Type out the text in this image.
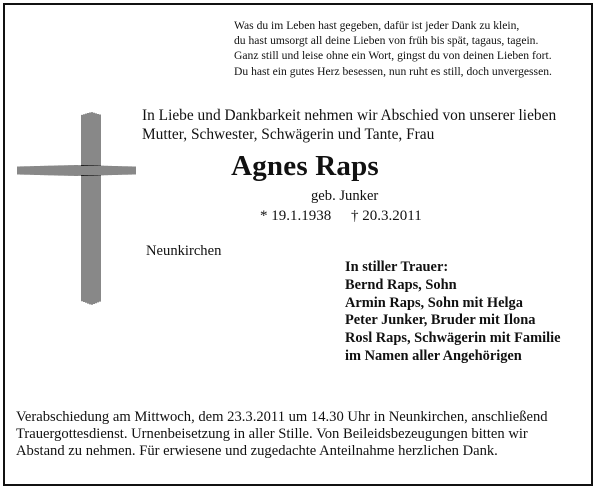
Was du im Leben hast gegeben, dafür ist jeder Dank zu klein,
du hast umsorgt all deine Lieben von früh bis spät, tagaus, tagein.
Ganz still und leise ohne ein Wort, gingst du von deinen Lieben fort.
Du hast ein gutes Herz besessen, nun ruht es still, doch unvergessen.
In Liebe und Dankbarkeit nehmen wir Abschied von unserer lieben
Mutter, Schwester, Schwägerin und Tante, Frau
Agnes Raps
geb. Junker
* 19.1.1938 † 20.3.2011
Neunkirchen
In stiller Trauer:
Bernd Raps, Sohn
Armin Raps, Sohn mit Helga
Peter Junker, Bruder mit Ilona
Rosl Raps, Schwägerin mit Familie
im Namen aller Angehörigen
Verabschiedung am Mittwoch, dem 23.3.2011 um 14.30 Uhr in Neunkirchen, anschließend
Trauergottesdienst. Urnenbeisetzung in aller Stille. Von Beileidsbezeugungen bitten wir
Abstand zu nehmen. Für erwiesene und zugedachte Anteilnahme herzlichen Dank.
